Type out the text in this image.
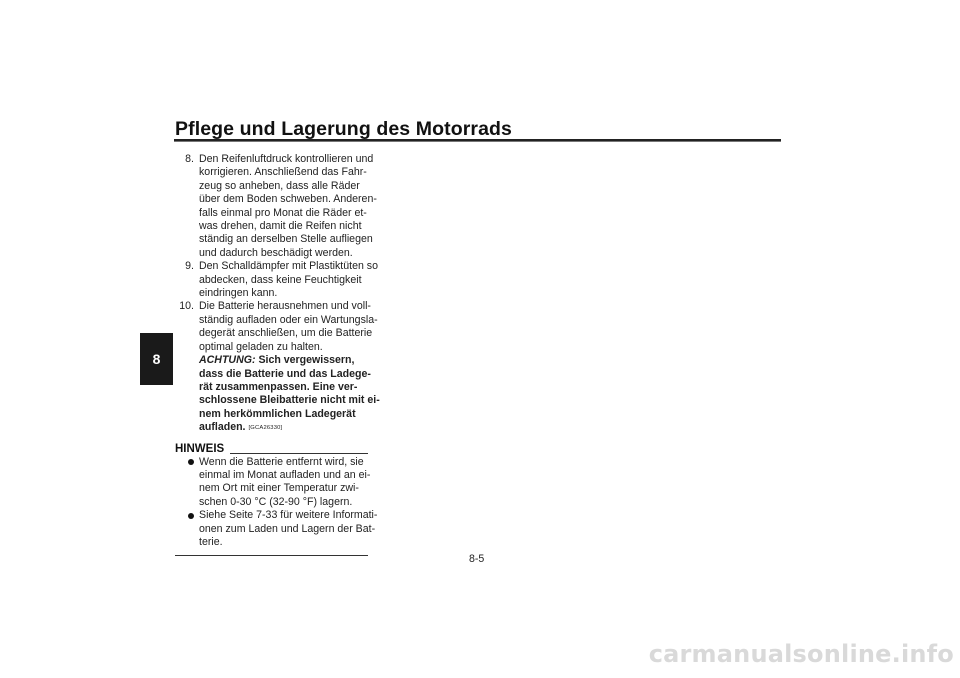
Pflege und Lagerung des Motorrads
8
8. Den Reifenluftdruck kontrollieren und
korrigieren. Anschließend das Fahr-
zeug so anheben, dass alle Räder
über dem Boden schweben. Anderen-
falls einmal pro Monat die Räder et-
was drehen, damit die Reifen nicht
ständig an derselben Stelle aufliegen
und dadurch beschädigt werden.
9. Den Schalldämpfer mit Plastiktüten so
abdecken, dass keine Feuchtigkeit
eindringen kann.
10. Die Batterie herausnehmen und voll-
ständig aufladen oder ein Wartungsla-
degerät anschließen, um die Batterie
optimal geladen zu halten.
ACHTUNG: Sich vergewissern,
dass die Batterie und das Ladege-
rät zusammenpassen. Eine ver-
schlossene Bleibatterie nicht mit ei-
nem herkömmlichen Ladegerät
aufladen. [GCA26330]
HINWEIS
Wenn die Batterie entfernt wird, sie
einmal im Monat aufladen und an ei-
nem Ort mit einer Temperatur zwi-
schen 0-30 °C (32-90 °F) lagern.
Siehe Seite 7-33 für weitere Informati-
onen zum Laden und Lagern der Bat-
terie.
8-5
carmanualsonline.info
